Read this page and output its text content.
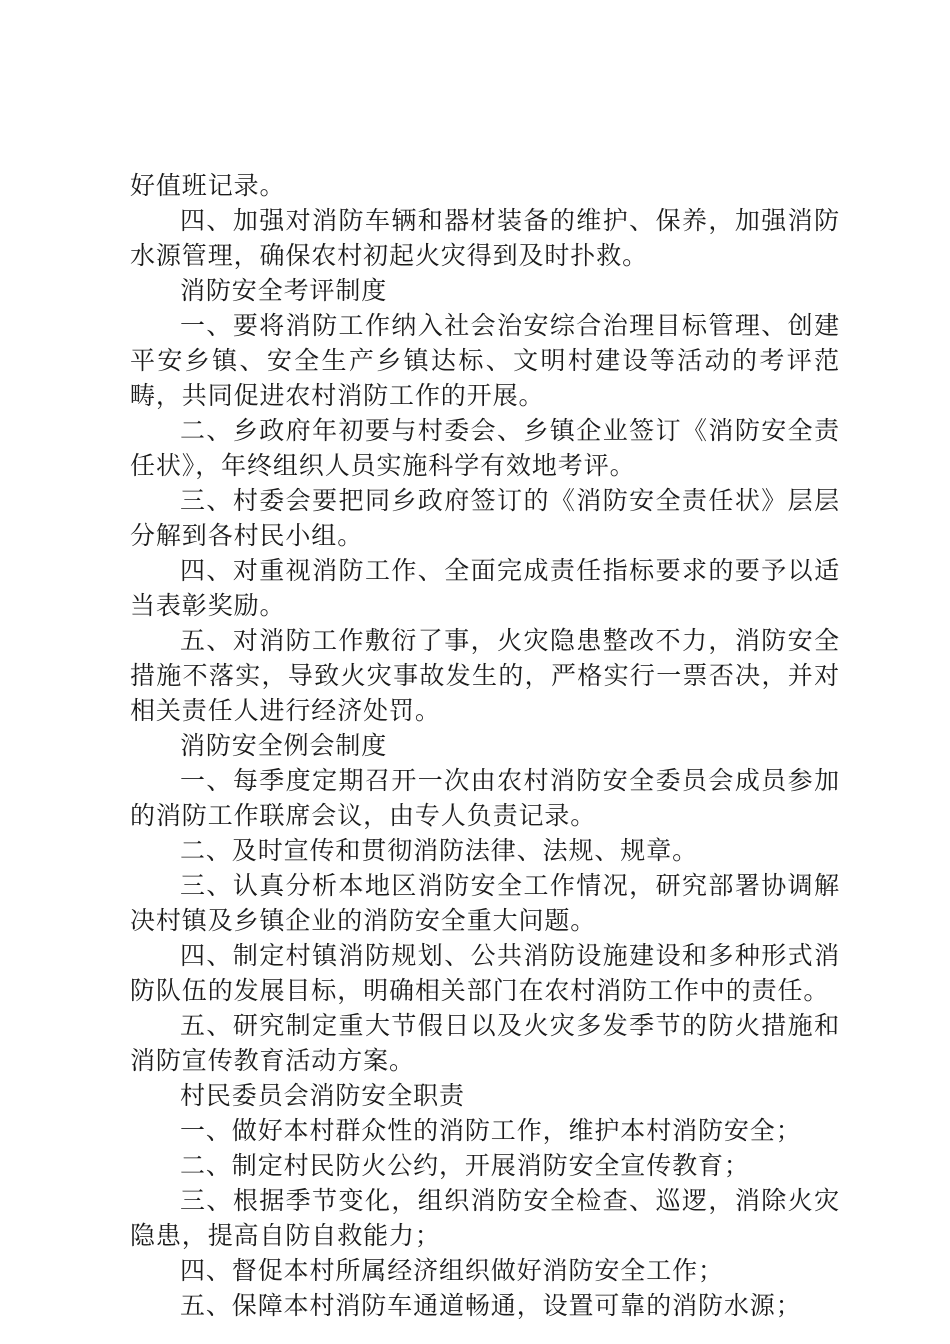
好值班记录。

四、加强对消防车辆和器材装备的维护、保养，加强消防水源管理，确保农村初起火灾得到及时扑救。

消防安全考评制度

一、要将消防工作纳入社会治安综合治理目标管理、创建平安乡镇、安全生产乡镇达标、文明村建设等活动的考评范畴，共同促进农村消防工作的开展。

二、乡政府年初要与村委会、乡镇企业签订《消防安全责任状》，年终组织人员实施科学有效地考评。

三、村委会要把同乡政府签订的《消防安全责任状》层层分解到各村民小组。

四、对重视消防工作、全面完成责任指标要求的要予以适当表彰奖励。

五、对消防工作敷衍了事，火灾隐患整改不力，消防安全措施不落实，导致火灾事故发生的，严格实行一票否决，并对相关责任人进行经济处罚。

消防安全例会制度

一、每季度定期召开一次由农村消防安全委员会成员参加的消防工作联席会议，由专人负责记录。

二、及时宣传和贯彻消防法律、法规、规章。

三、认真分析本地区消防安全工作情况，研究部署协调解决村镇及乡镇企业的消防安全重大问题。

四、制定村镇消防规划、公共消防设施建设和多种形式消防队伍的发展目标，明确相关部门在农村消防工作中的责任。

五、研究制定重大节假日以及火灾多发季节的防火措施和消防宣传教育活动方案。

村民委员会消防安全职责

一、做好本村群众性的消防工作，维护本村消防安全；

二、制定村民防火公约，开展消防安全宣传教育；

三、根据季节变化，组织消防安全检查、巡逻，消除火灾隐患，提高自防自救能力；

四、督促本村所属经济组织做好消防安全工作；

五、保障本村消防车通道畅通，设置可靠的消防水源；
